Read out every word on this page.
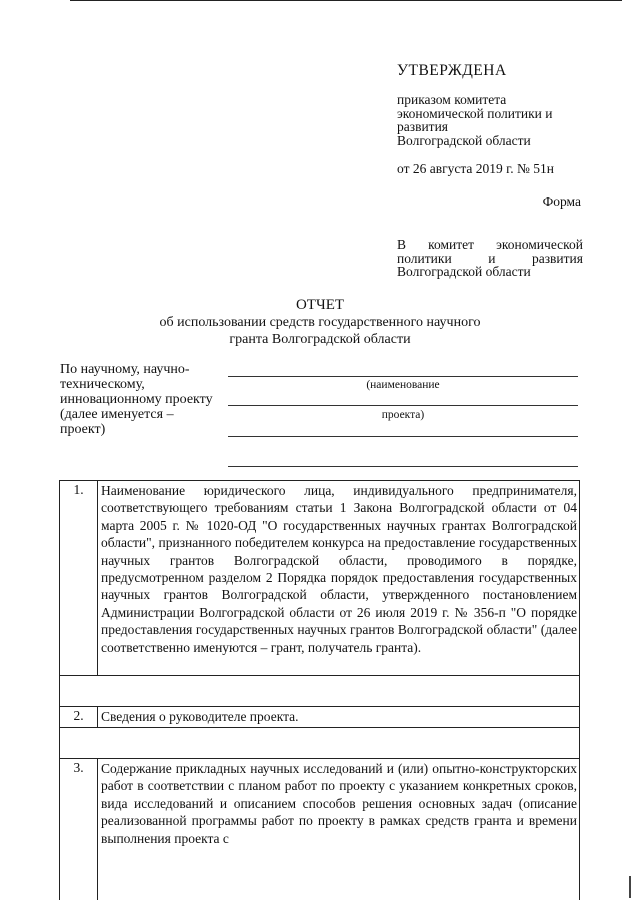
УТВЕРЖДЕНА
приказом комитета
экономической политики и
развития
Волгоградской области
от 26 августа 2019 г. № 51н
Форма
В комитет экономической
политики и развития
Волгоградской области
ОТЧЕТ
об использовании средств государственного научного
гранта Волгоградской области
По научному, научно-
техническому,
инновационному проекту
(далее именуется –
проект)
(наименование
проекта)
1.	Наименование юридического лица, индивидуального предпринимателя, соответствующего требованиям статьи 1 Закона Волгоградской области от 04 марта 2005 г. № 1020-ОД "О государственных научных грантах Волгоградской области", признанного победителем конкурса на предоставление государственных научных грантов Волгоградской области, проводимого в порядке, предусмотренном разделом 2 Порядка порядок предоставления государственных научных грантов Волгоградской области, утвержденного постановлением Администрации Волгоградской области от 26 июля 2019 г. № 356-п "О порядке предоставления государственных научных грантов Волгоградской области" (далее соответственно именуются – грант, получатель гранта).
2.	Сведения о руководителе проекта.
3.	Содержание прикладных научных исследований и (или) опытно-конструкторских работ в соответствии с планом работ по проекту с указанием конкретных сроков, вида исследований и описанием способов решения основных задач (описание реализованной программы работ по проекту в рамках средств гранта и времени выполнения проекта с
